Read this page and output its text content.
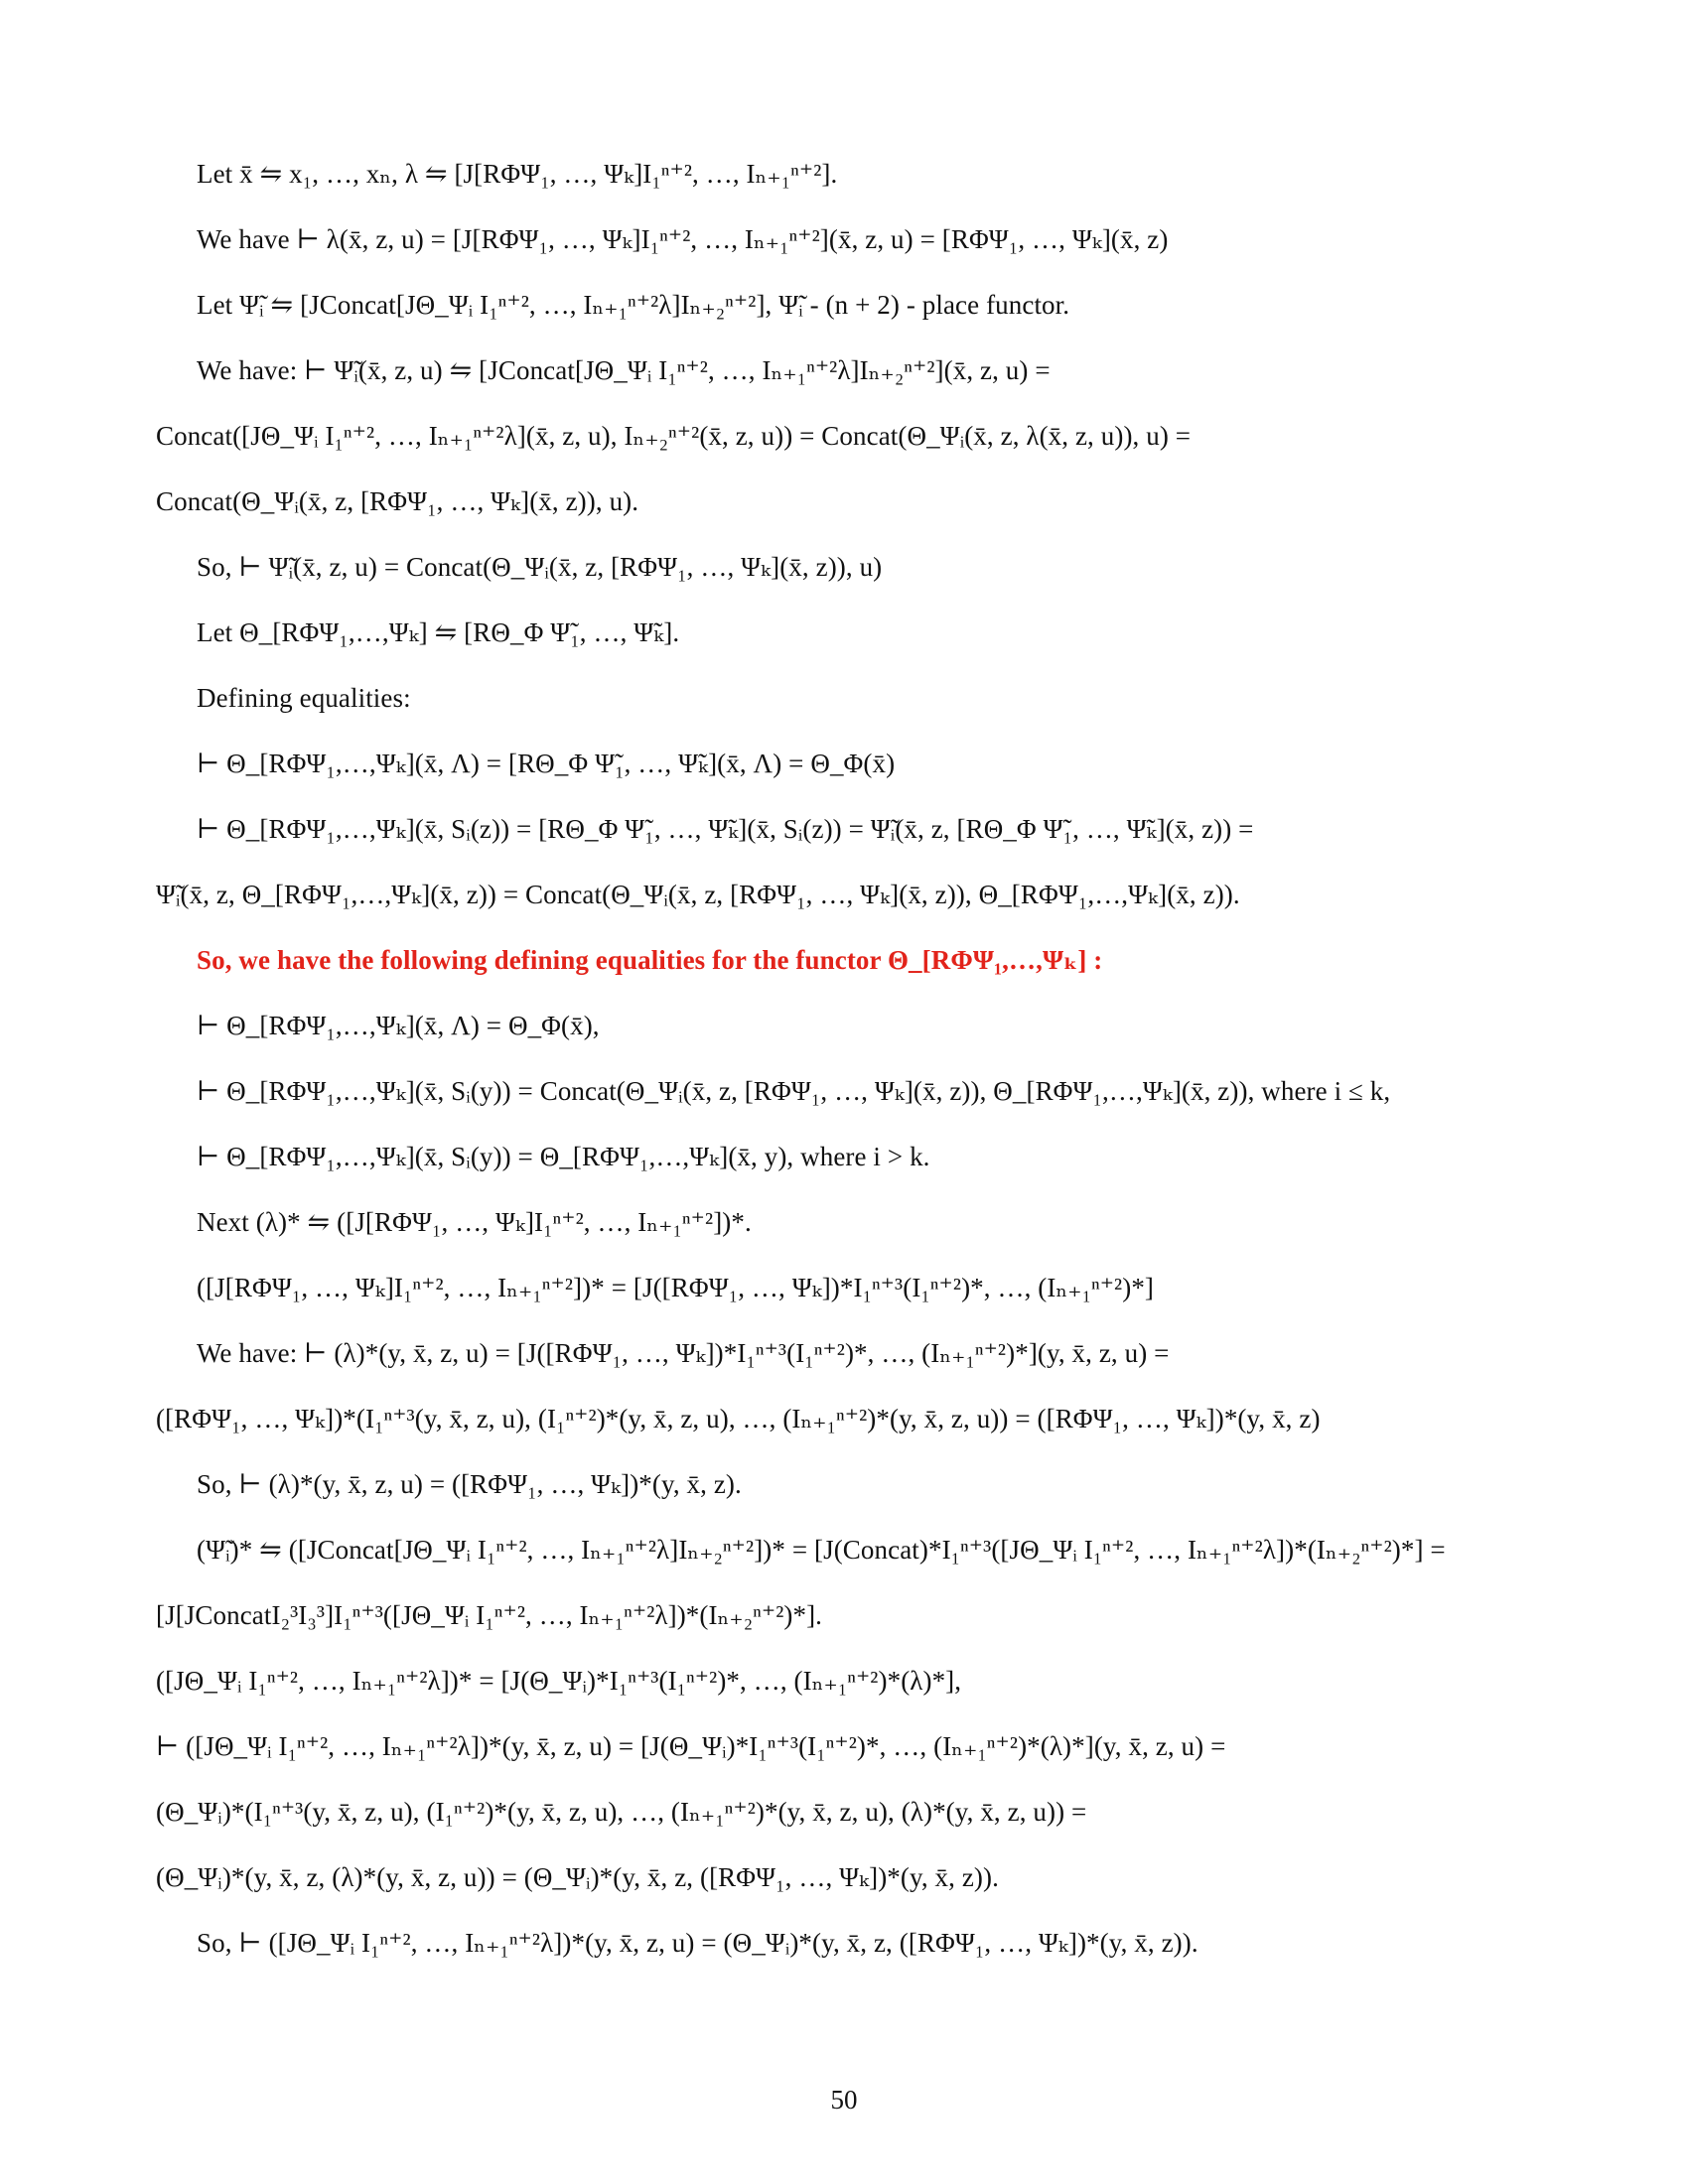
Let x̄ ⇋ x₁, …, xₙ, λ ⇋ [J[RΦΨ₁, …, Ψₖ]I₁ⁿ⁺², …, Iₙ₊₁ⁿ⁺²].
We have ⊢ λ(x̄, z, u) = [J[RΦΨ₁, …, Ψₖ]I₁ⁿ⁺², …, Iₙ₊₁ⁿ⁺²](x̄, z, u) = [RΦΨ₁, …, Ψₖ](x̄, z)
Let Ψ̃ᵢ ⇋ [JConcat[JΘ_Ψᵢ I₁ⁿ⁺², …, Iₙ₊₁ⁿ⁺²λ]Iₙ₊₂ⁿ⁺²], Ψ̃ᵢ - (n + 2) - place functor.
We have: ⊢ Ψ̃ᵢ(x̄, z, u) ⇋ [JConcat[JΘ_Ψᵢ I₁ⁿ⁺², …, Iₙ₊₁ⁿ⁺²λ]Iₙ₊₂ⁿ⁺²](x̄, z, u) =
Concat([JΘ_Ψᵢ I₁ⁿ⁺², …, Iₙ₊₁ⁿ⁺²λ](x̄, z, u), Iₙ₊₂ⁿ⁺²(x̄, z, u)) = Concat(Θ_Ψᵢ(x̄, z, λ(x̄, z, u)), u) =
Concat(Θ_Ψᵢ(x̄, z, [RΦΨ₁, …, Ψₖ](x̄, z)), u).
So, ⊢ Ψ̃ᵢ(x̄, z, u) = Concat(Θ_Ψᵢ(x̄, z, [RΦΨ₁, …, Ψₖ](x̄, z)), u)
Let Θ_[RΦΨ₁,…,Ψₖ] ⇋ [RΘ_Φ Ψ̃₁, …, Ψ̃ₖ].
Defining equalities:
⊢ Θ_[RΦΨ₁,…,Ψₖ](x̄, Λ) = [RΘ_Φ Ψ̃₁, …, Ψ̃ₖ](x̄, Λ) = Θ_Φ(x̄)
⊢ Θ_[RΦΨ₁,…,Ψₖ](x̄, Sᵢ(z)) = [RΘ_Φ Ψ̃₁, …, Ψ̃ₖ](x̄, Sᵢ(z)) = Ψ̃ᵢ(x̄, z, [RΘ_Φ Ψ̃₁, …, Ψ̃ₖ](x̄, z)) =
Ψ̃ᵢ(x̄, z, Θ_[RΦΨ₁,…,Ψₖ](x̄, z)) = Concat(Θ_Ψᵢ(x̄, z, [RΦΨ₁, …, Ψₖ](x̄, z)), Θ_[RΦΨ₁,…,Ψₖ](x̄, z)).
So, we have the following defining equalities for the functor Θ_[RΦΨ₁,…,Ψₖ] :
⊢ Θ_[RΦΨ₁,…,Ψₖ](x̄, Λ) = Θ_Φ(x̄),
⊢ Θ_[RΦΨ₁,…,Ψₖ](x̄, Sᵢ(y)) = Concat(Θ_Ψᵢ(x̄, z, [RΦΨ₁, …, Ψₖ](x̄, z)), Θ_[RΦΨ₁,…,Ψₖ](x̄, z)), where i ≤ k,
⊢ Θ_[RΦΨ₁,…,Ψₖ](x̄, Sᵢ(y)) = Θ_[RΦΨ₁,…,Ψₖ](x̄, y), where i > k.
Next (λ)* ⇋ ([J[RΦΨ₁, …, Ψₖ]I₁ⁿ⁺², …, Iₙ₊₁ⁿ⁺²])*.
([J[RΦΨ₁, …, Ψₖ]I₁ⁿ⁺², …, Iₙ₊₁ⁿ⁺²])* = [J([RΦΨ₁, …, Ψₖ])*I₁ⁿ⁺³(I₁ⁿ⁺²)*, …, (Iₙ₊₁ⁿ⁺²)*]
We have: ⊢ (λ)*(y, x̄, z, u) = [J([RΦΨ₁, …, Ψₖ])*I₁ⁿ⁺³(I₁ⁿ⁺²)*, …, (Iₙ₊₁ⁿ⁺²)*](y, x̄, z, u) =
([RΦΨ₁, …, Ψₖ])*(I₁ⁿ⁺³(y, x̄, z, u), (I₁ⁿ⁺²)*(y, x̄, z, u), …, (Iₙ₊₁ⁿ⁺²)*(y, x̄, z, u)) = ([RΦΨ₁, …, Ψₖ])*(y, x̄, z)
So, ⊢ (λ)*(y, x̄, z, u) = ([RΦΨ₁, …, Ψₖ])*(y, x̄, z).
(Ψ̃ᵢ)* ⇋ ([JConcat[JΘ_Ψᵢ I₁ⁿ⁺², …, Iₙ₊₁ⁿ⁺²λ]Iₙ₊₂ⁿ⁺²])* = [J(Concat)*I₁ⁿ⁺³([JΘ_Ψᵢ I₁ⁿ⁺², …, Iₙ₊₁ⁿ⁺²λ])*(Iₙ₊₂ⁿ⁺²)*] =
[J[JConcatI₂³I₃³]I₁ⁿ⁺³([JΘ_Ψᵢ I₁ⁿ⁺², …, Iₙ₊₁ⁿ⁺²λ])*(Iₙ₊₂ⁿ⁺²)*].
([JΘ_Ψᵢ I₁ⁿ⁺², …, Iₙ₊₁ⁿ⁺²λ])* = [J(Θ_Ψᵢ)*I₁ⁿ⁺³(I₁ⁿ⁺²)*, …, (Iₙ₊₁ⁿ⁺²)*(λ)*],
⊢ ([JΘ_Ψᵢ I₁ⁿ⁺², …, Iₙ₊₁ⁿ⁺²λ])*(y, x̄, z, u) = [J(Θ_Ψᵢ)*I₁ⁿ⁺³(I₁ⁿ⁺²)*, …, (Iₙ₊₁ⁿ⁺²)*(λ)*](y, x̄, z, u) =
(Θ_Ψᵢ)*(I₁ⁿ⁺³(y, x̄, z, u), (I₁ⁿ⁺²)*(y, x̄, z, u), …, (Iₙ₊₁ⁿ⁺²)*(y, x̄, z, u), (λ)*(y, x̄, z, u)) =
(Θ_Ψᵢ)*(y, x̄, z, (λ)*(y, x̄, z, u)) = (Θ_Ψᵢ)*(y, x̄, z, ([RΦΨ₁, …, Ψₖ])*(y, x̄, z)).
So, ⊢ ([JΘ_Ψᵢ I₁ⁿ⁺², …, Iₙ₊₁ⁿ⁺²λ])*(y, x̄, z, u) = (Θ_Ψᵢ)*(y, x̄, z, ([RΦΨ₁, …, Ψₖ])*(y, x̄, z)).
50
